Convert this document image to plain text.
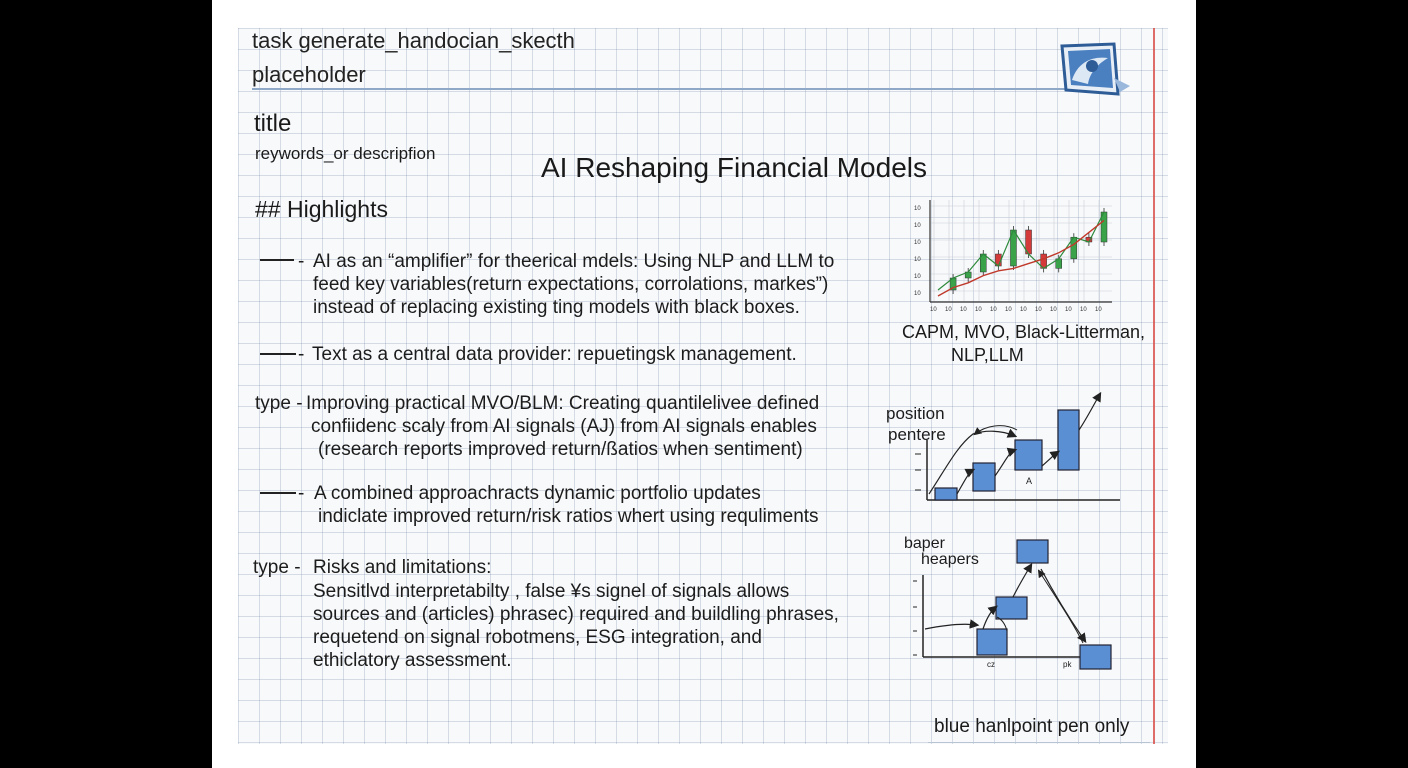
task generate_handocian_skecth

placeholder

title

reywords_or descripfion	AI Reshaping Financial Models

## Highlights

- AI as an “amplifier” for theerical mdels: Using NLP and LLM to

feed key variables(return expectations, corrolations, markes”)

instead of replacing existing ting models with black boxes.

- Text as a central data provider: repuetingsk management.

type - Improving practical MVO/BLM: Creating quantilelivee defined

confiidenc scaly from AI signals (AJ) from AI signals enables

(research reports improved return/ßatios when sentiment)

- A combined approachracts dynamic portfolio updates

indiclate improved return/risk ratios whert using requliments

type - Risks and limitations:

Sensitlvd interpretabilty , false ¥s signel of signals allows

sources and (articles) phrasec) required and buildling phrases,

requetend on signal robotmens, ESG integration, and

ethiclatory assessment.

10
10
10
10
10
10
10 10 10 10 10 10 10 10 10 10 10 10

CAPM, MVO, Black-Litterman,

NLP,LLM

position
pentere
A
baper
heapers
cz	pk

blue hanlpoint pen only
